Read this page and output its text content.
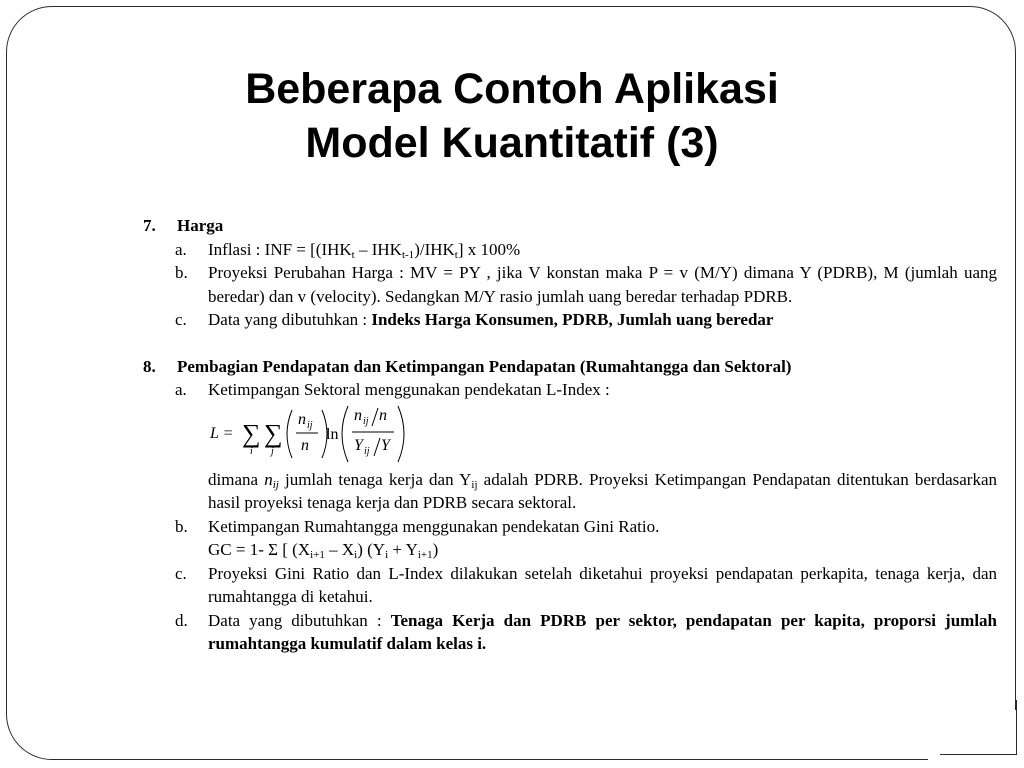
Beberapa Contoh Aplikasi
Model Kuantitatif (3)
7.	Harga
a. Inflasi : INF = $[(IHK_t - IHK_{t-1})/IHK_t]$ x 100%
b. Proyeksi Perubahan Harga : MV = PY , jika V konstan maka P = v (M/Y) dimana Y (PDRB), M (jumlah uang beredar) dan v (velocity). Sedangkan M/Y rasio jumlah uang beredar terhadap PDRB.
c. Data yang dibutuhkan : Indeks Harga Konsumen, PDRB, Jumlah uang beredar
8.	Pembagian Pendapatan dan Ketimpangan Pendapatan (Rumahtangga dan Sektoral)
a. Ketimpangan Sektoral menggunakan pendekatan L-Index :
L = ∑ ∑
i j
n ij
n
ln
n ij n
Y ij Y
dimana $n_{ij}$ jumlah tenaga kerja dan $Y_{ij}$ adalah PDRB. Proyeksi Ketimpangan Pendapatan ditentukan berdasarkan hasil proyeksi tenaga kerja dan PDRB secara sektoral.
b. Ketimpangan Rumahtangga menggunakan pendekatan Gini Ratio.
GC = 1- Σ [ $(X_{i+1} - X_i) (Y_i + Y_{i+1})$
c. Proyeksi Gini Ratio dan L-Index dilakukan setelah diketahui proyeksi pendapatan perkapita, tenaga kerja, dan rumahtangga di ketahui.
d. Data yang dibutuhkan : Tenaga Kerja dan PDRB per sektor, pendapatan per kapita, proporsi jumlah rumahtangga kumulatif dalam kelas i.
